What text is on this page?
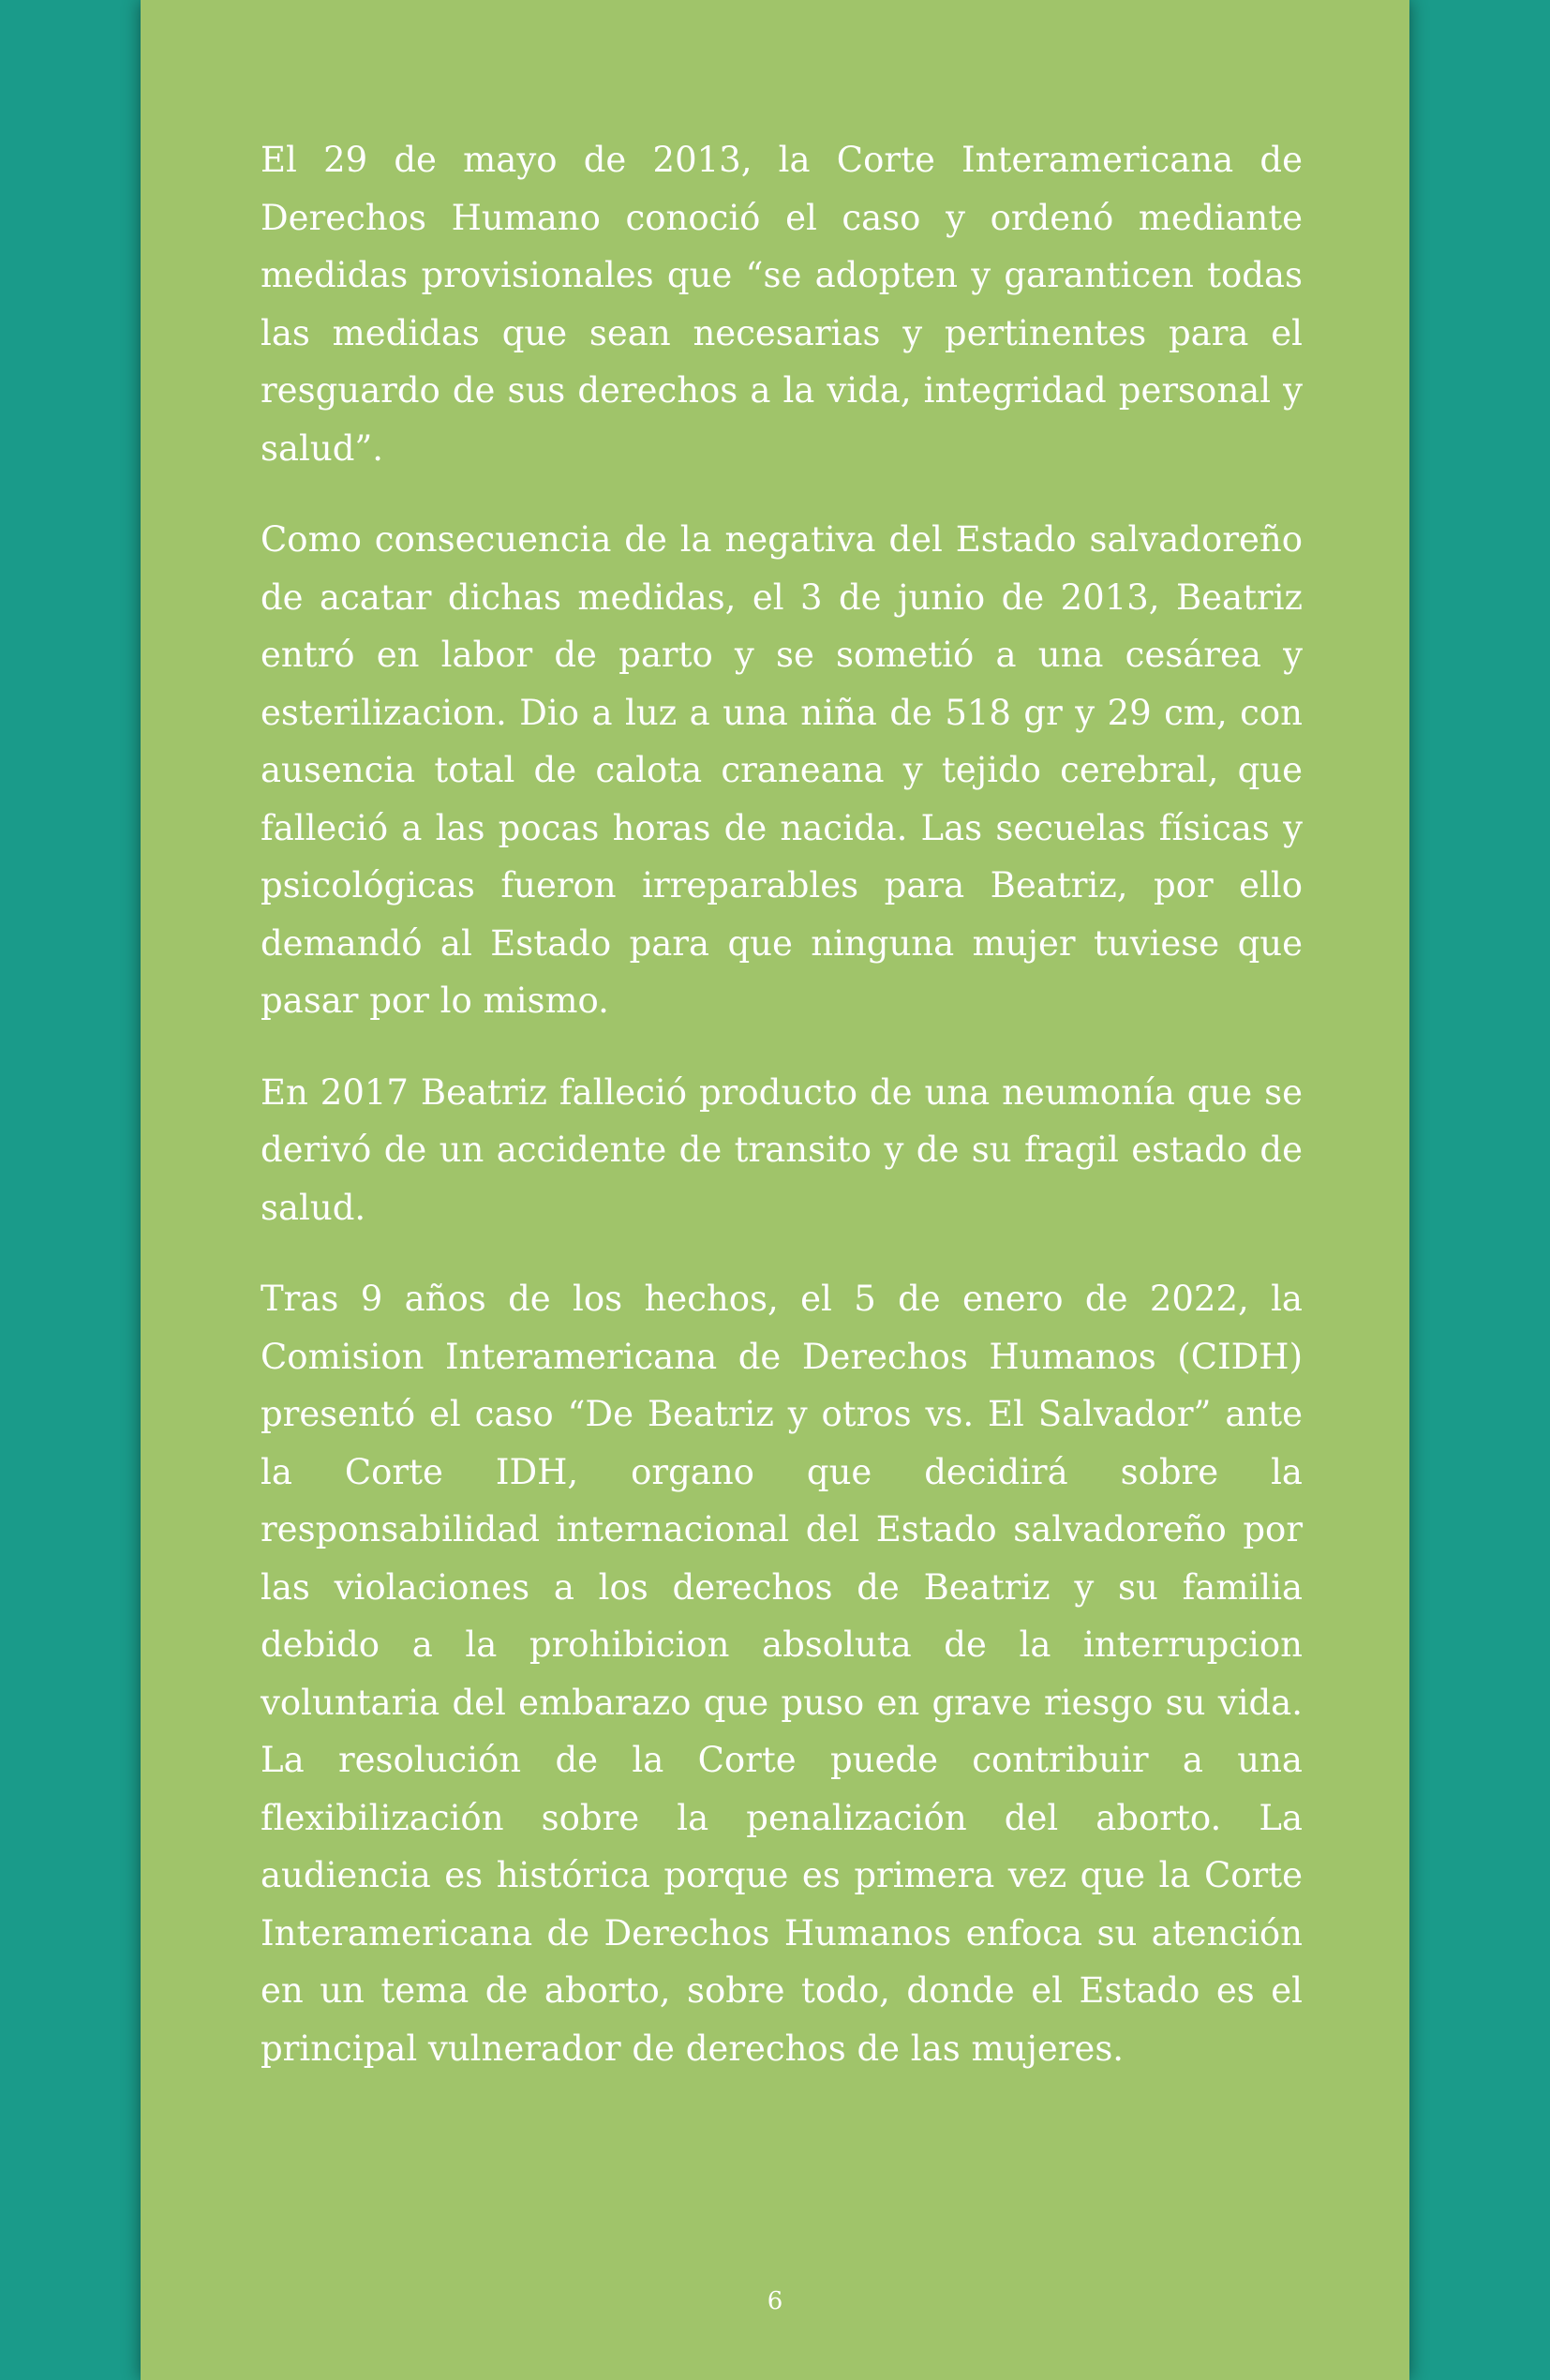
El 29 de mayo de 2013, la Corte Interamericana de Derechos Humano conoció el caso y ordenó mediante medidas provisionales que “se adopten y garanticen todas las medidas que sean necesarias y pertinentes para el resguardo de sus derechos a la vida, integridad personal y salud”.

Como consecuencia de la negativa del Estado salvadoreño de acatar dichas medidas, el 3 de junio de 2013, Beatriz entró en labor de parto y se sometió a una cesárea y esterilizacion. Dio a luz a una niña de 518 gr y 29 cm, con ausencia total de calota craneana y tejido cerebral, que falleció a las pocas horas de nacida. Las secuelas físicas y psicológicas fueron irreparables para Beatriz, por ello demandó al Estado para que ninguna mujer tuviese que pasar por lo mismo.

En 2017 Beatriz falleció producto de una neumonía que se derivó de un accidente de transito y de su fragil estado de salud.

Tras 9 años de los hechos, el 5 de enero de 2022, la Comision Interamericana de Derechos Humanos (CIDH) presentó el caso “De Beatriz y otros vs. El Salvador” ante la Corte IDH, organo que decidirá sobre la responsabilidad internacional del Estado salvadoreño por las violaciones a los derechos de Beatriz y su familia debido a la prohibicion absoluta de la interrupcion voluntaria del embarazo que puso en grave riesgo su vida. La resolución de la Corte puede contribuir a una flexibilización sobre la penalización del aborto. La audiencia es histórica porque es primera vez que la Corte Interamericana de Derechos Humanos enfoca su atención en un tema de aborto, sobre todo, donde el Estado es el principal vulnerador de derechos de las mujeres.

6
